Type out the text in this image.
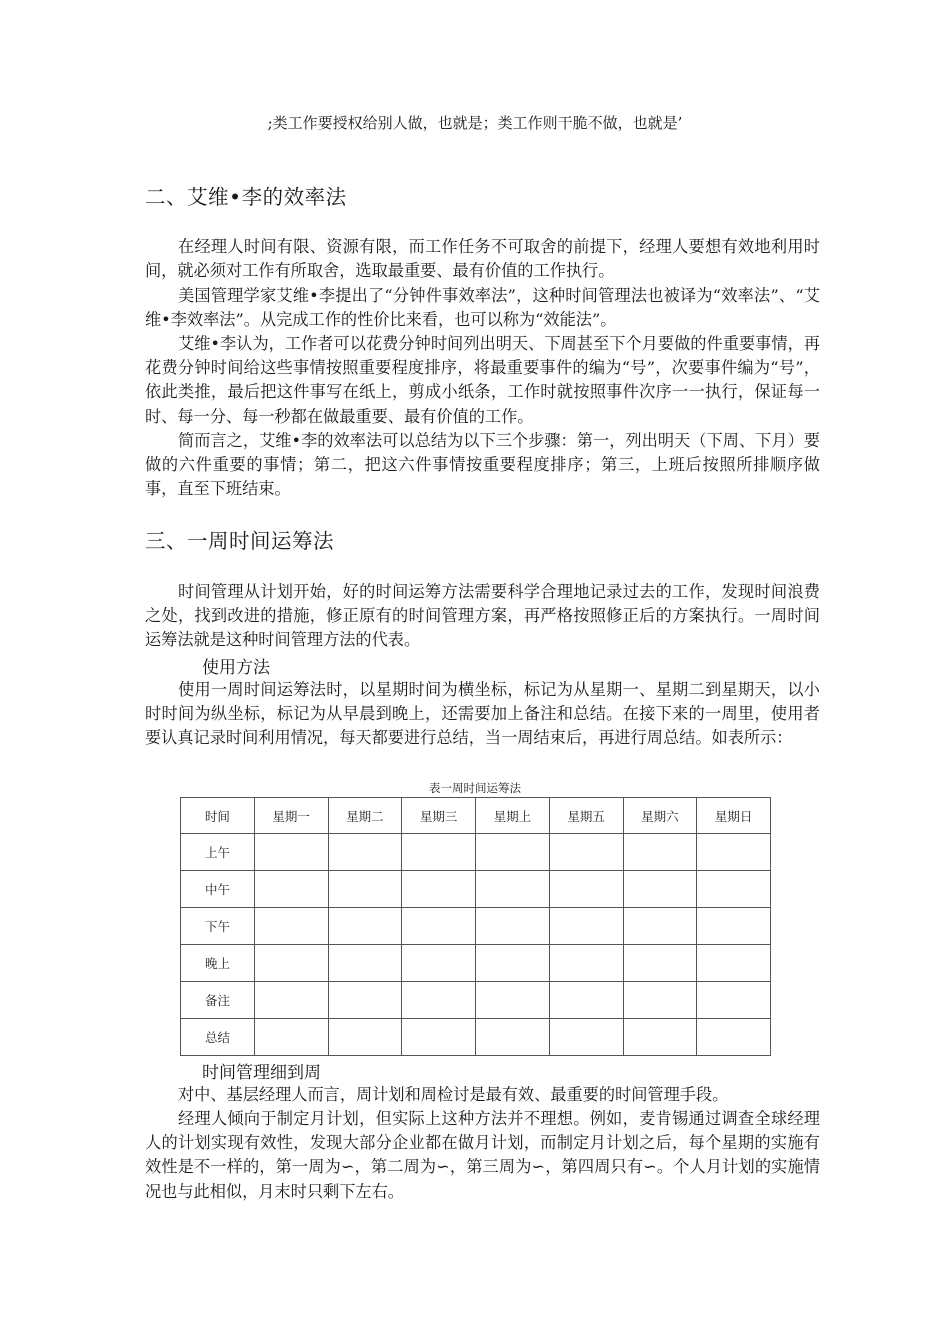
;类工作要授权给别人做，也就是；类工作则干脆不做，也就是’

二、艾维•李的效率法

在经理人时间有限、资源有限，而工作任务不可取舍的前提下，经理人要想有效地利用时间，就必须对工作有所取舍，选取最重要、最有价值的工作执行。

美国管理学家艾维•李提出了“分钟件事效率法”，这种时间管理法也被译为“效率法”、“艾维•李效率法”。从完成工作的性价比来看，也可以称为“效能法”。

艾维•李认为，工作者可以花费分钟时间列出明天、下周甚至下个月要做的件重要事情，再花费分钟时间给这些事情按照重要程度排序，将最重要事件的编为“号”，次要事件编为“号”，依此类推，最后把这件事写在纸上，剪成小纸条，工作时就按照事件次序一一执行，保证每一时、每一分、每一秒都在做最重要、最有价值的工作。

简而言之，艾维•李的效率法可以总结为以下三个步骤：第一，列出明天（下周、下月）要做的六件重要的事情；第二，把这六件事情按重要程度排序；第三，上班后按照所排顺序做事，直至下班结束。

三、一周时间运筹法

时间管理从计划开始，好的时间运筹方法需要科学合理地记录过去的工作，发现时间浪费之处，找到改进的措施，修正原有的时间管理方案，再严格按照修正后的方案执行。一周时间运筹法就是这种时间管理方法的代表。

使用方法

使用一周时间运筹法时，以星期时间为横坐标，标记为从星期一、星期二到星期天，以小时时间为纵坐标，标记为从早晨到晚上，还需要加上备注和总结。在接下来的一周里，使用者要认真记录时间利用情况，每天都要进行总结，当一周结束后，再进行周总结。如表所示：

表一周时间运筹法

时间	星期一	星期二	星期三	星期上	星期五	星期六	星期日
上午							
中午							
下午							
晚上							
备注							
总结							

时间管理细到周

对中、基层经理人而言，周计划和周检讨是最有效、最重要的时间管理手段。

经理人倾向于制定月计划，但实际上这种方法并不理想。例如，麦肯锡通过调查全球经理人的计划实现有效性，发现大部分企业都在做月计划，而制定月计划之后，每个星期的实施有效性是不一样的，第一周为∽，第二周为∽，第三周为∽，第四周只有∽。个人月计划的实施情况也与此相似，月末时只剩下左右。
